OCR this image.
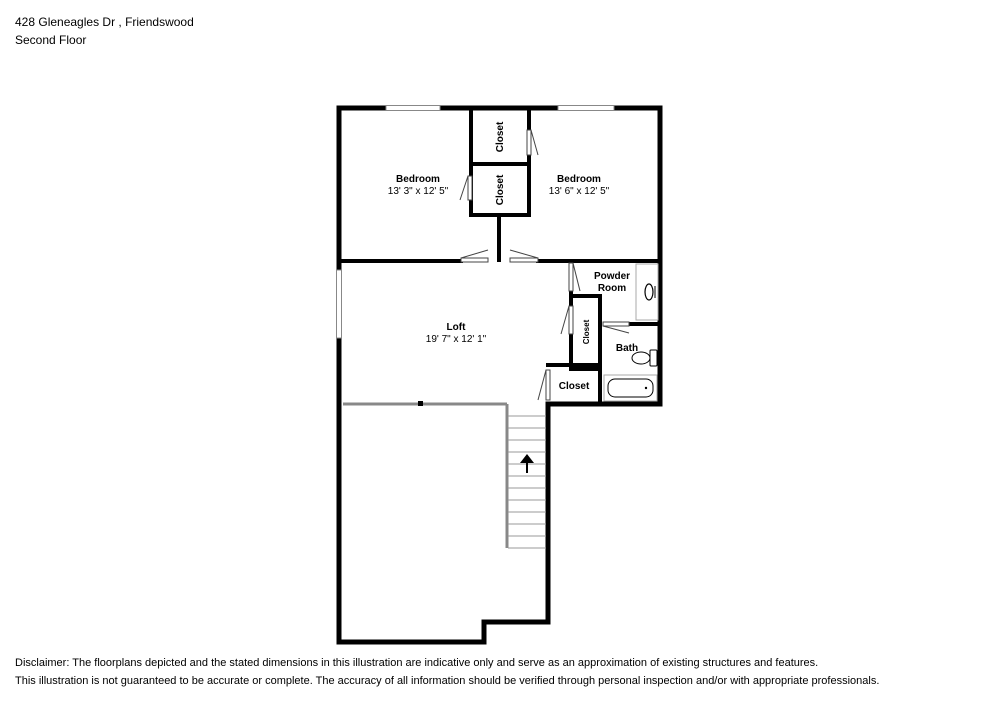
428 Gleneagles Dr , Friendswood
Second Floor
Bedroom
13' 3" x 12' 5"
Bedroom
13' 6" x 12' 5"
Closet
Closet
Powder
Room
Loft
19' 7" x 12' 1"	Closet
Bath
Closet
Disclaimer: The floorplans depicted and the stated dimensions in this illustration are indicative only and serve as an approximation of existing structures and features.
This illustration is not guaranteed to be accurate or complete. The accuracy of all information should be verified through personal inspection and/or with appropriate professionals.
